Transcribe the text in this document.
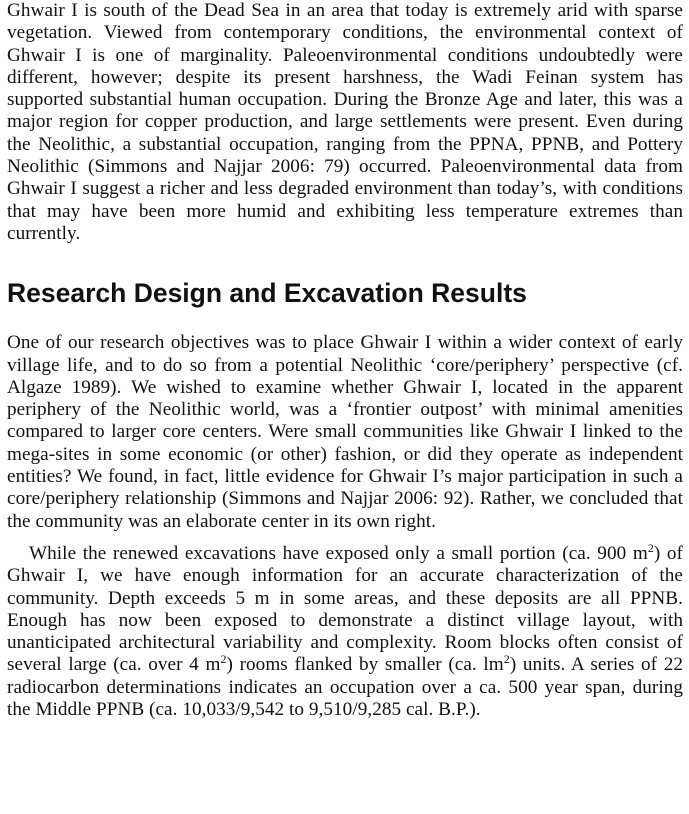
Ghwair I is south of the Dead Sea in an area that today is extremely arid with sparse vegetation. Viewed from contemporary conditions, the environmental context of Ghwair I is one of marginality. Paleoenvironmental conditions undoubtedly were different, however; despite its present harshness, the Wadi Feinan system has supported substantial human occupation. During the Bronze Age and later, this was a major region for copper production, and large settlements were present. Even during the Neolithic, a substantial occupation, ranging from the PPNA, PPNB, and Pottery Neolithic (Simmons and Najjar 2006: 79) occurred. Paleoenvironmental data from Ghwair I suggest a richer and less degraded environment than today’s, with conditions that may have been more humid and exhibiting less temperature extremes than currently.

Research Design and Excavation Results

One of our research objectives was to place Ghwair I within a wider context of early village life, and to do so from a potential Neolithic ‘core/periphery’ perspective (cf. Algaze 1989). We wished to examine whether Ghwair I, located in the apparent periphery of the Neolithic world, was a ‘frontier outpost’ with minimal amenities compared to larger core centers. Were small communities like Ghwair I linked to the mega-sites in some economic (or other) fashion, or did they operate as independent entities? We found, in fact, little evidence for Ghwair I’s major participation in such a core/periphery relationship (Simmons and Najjar 2006: 92). Rather, we concluded that the community was an elaborate center in its own right.

While the renewed excavations have exposed only a small portion (ca. 900 $m^2$) of Ghwair I, we have enough information for an accurate characterization of the community. Depth exceeds 5 m in some areas, and these deposits are all PPNB. Enough has now been exposed to demonstrate a distinct village layout, with unanticipated architectural variability and complexity. Room blocks often consist of several large (ca. over 4 $m^2$) rooms flanked by smaller (ca. $lm^2$) units. A series of 22 radiocarbon determinations indicates an occupation over a ca. 500 year span, during the Middle PPNB (ca. 10,033/9,542 to 9,510/9,285 cal. B.P.).
